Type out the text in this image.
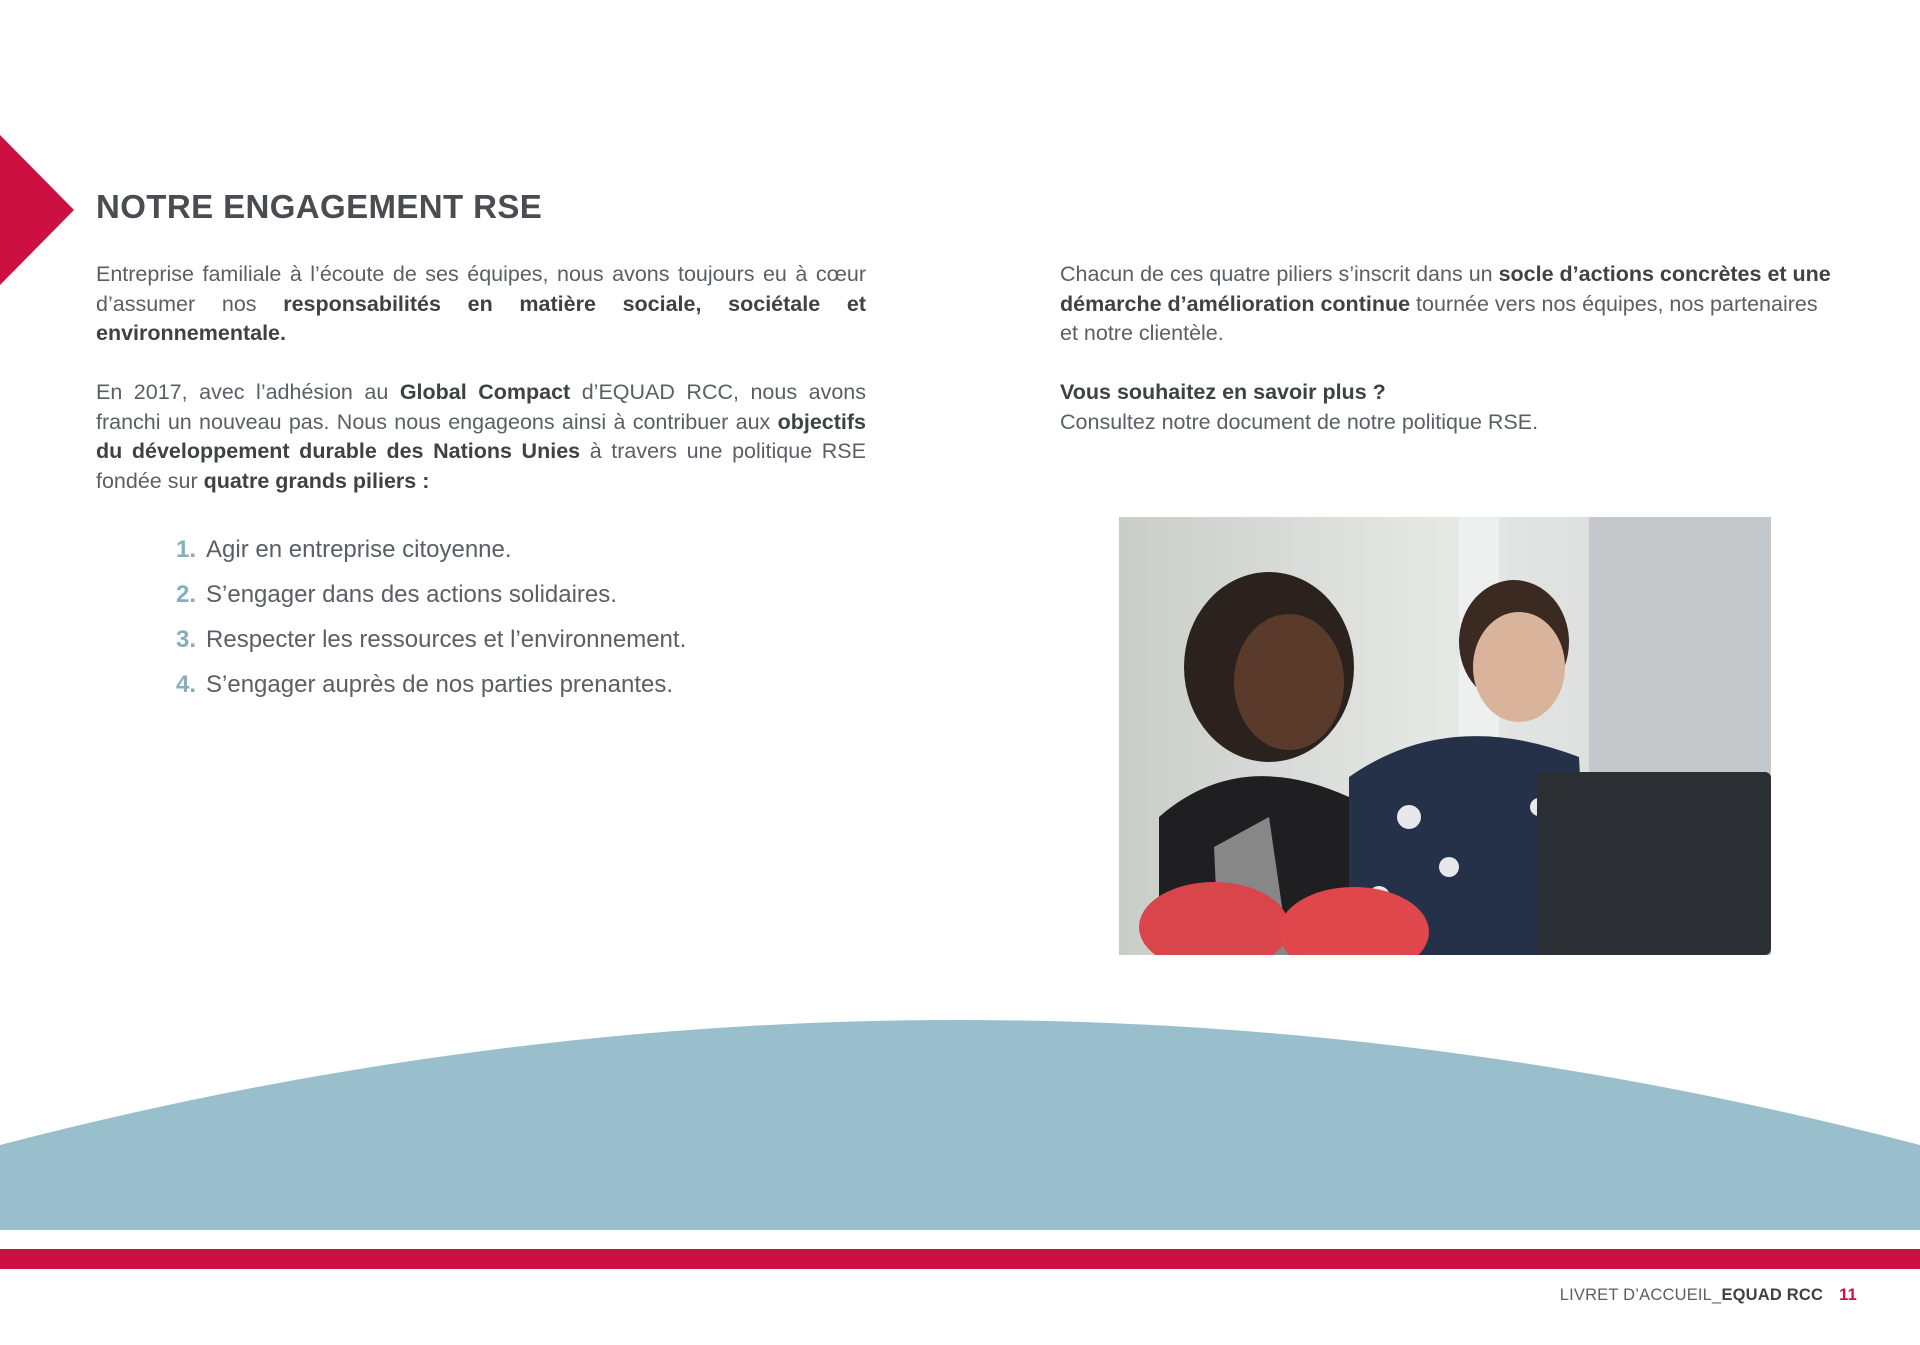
NOTRE ENGAGEMENT RSE

Entreprise familiale à l’écoute de ses équipes, nous avons toujours eu à cœur d’assumer nos responsabilités en matière sociale, sociétale et environnementale.

En 2017, avec l’adhésion au Global Compact d’EQUAD RCC, nous avons franchi un nouveau pas. Nous nous engageons ainsi à contribuer aux objectifs du développement durable des Nations Unies à travers une politique RSE fondée sur quatre grands piliers :

1. Agir en entreprise citoyenne.
2. S’engager dans des actions solidaires.
3. Respecter les ressources et l’environnement.
4. S’engager auprès de nos parties prenantes.

Chacun de ces quatre piliers s’inscrit dans un socle d’actions concrètes et une démarche d’amélioration continue tournée vers nos équipes, nos partenaires et notre clientèle.

Vous souhaitez en savoir plus ?
Consultez notre document de notre politique RSE.

LIVRET D’ACCUEIL_ EQUAD RCC 11
